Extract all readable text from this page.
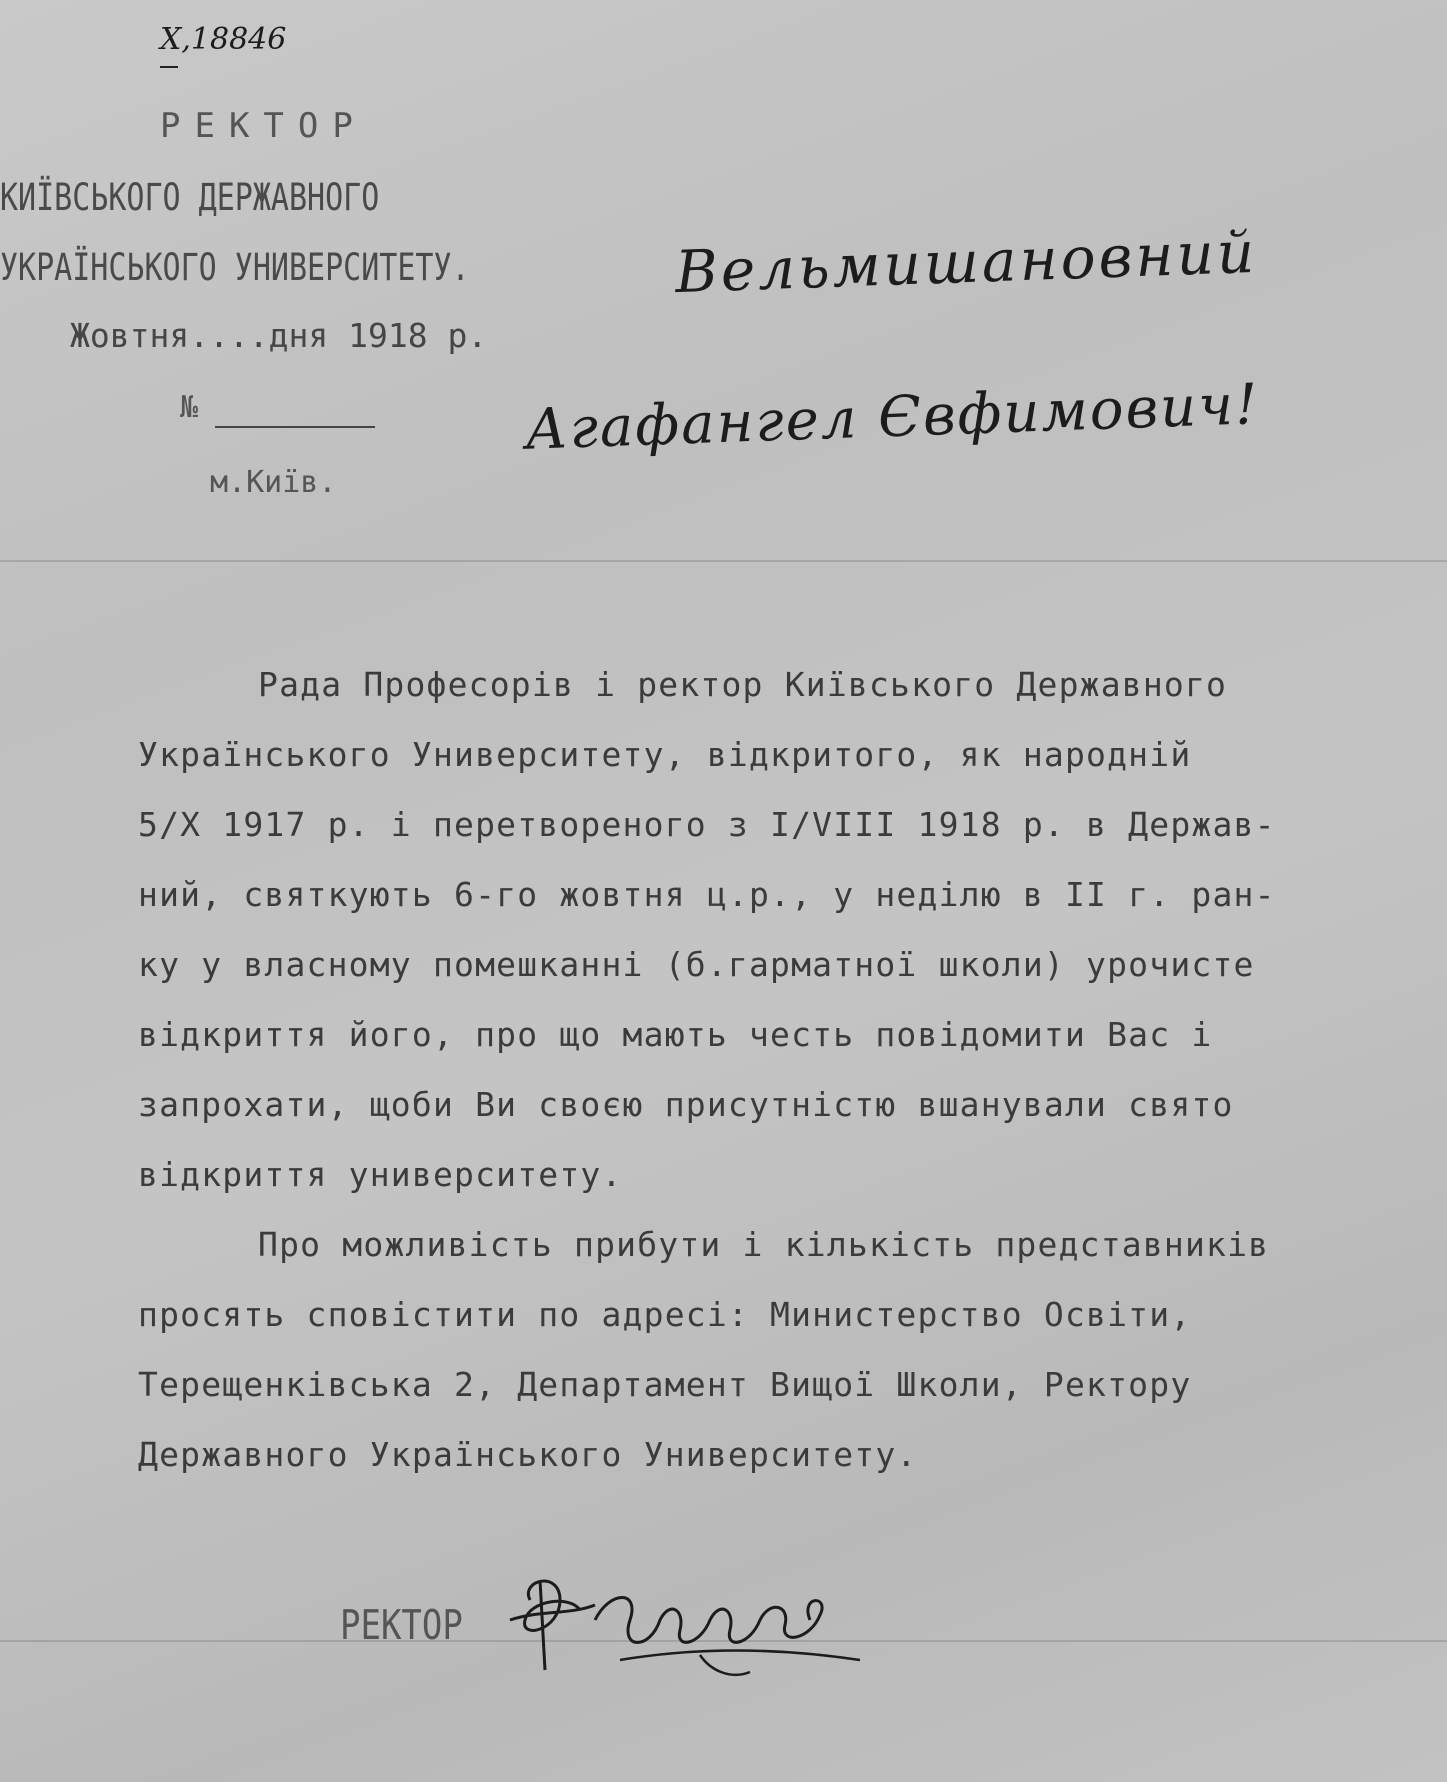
X,18846
РЕКТОР
КИЇВСЬКОГО ДЕРЖАВНОГО
УКРАЇНСЬКОГО УНИВЕРСИТЕТУ.
Жовтня....дня 1918 р.
№
м.Київ.
Вельмишановний
Агафангел Євфимович!
Рада Професорів і ректор Київського Державного
Українського Университету, відкритого, як народній
5/X 1917 р. і перетвореного з I/VIII 1918 р. в Держав-
ний, святкують 6-го жовтня ц.р., у неділю в II г. ран-
ку у власному помешканні (б.гарматної школи) урочисте
відкриття його, про що мають честь повідомити Вас і
запрохати, щоби Ви своєю присутністю вшанували свято
відкриття университету.
Про можливість прибути і кількість представників
просять сповістити по адресі: Министерство Освіти,
Терещенківська 2, Департамент Вищої Школи, Ректору
Державного Українського Университету.
РЕКТОР
